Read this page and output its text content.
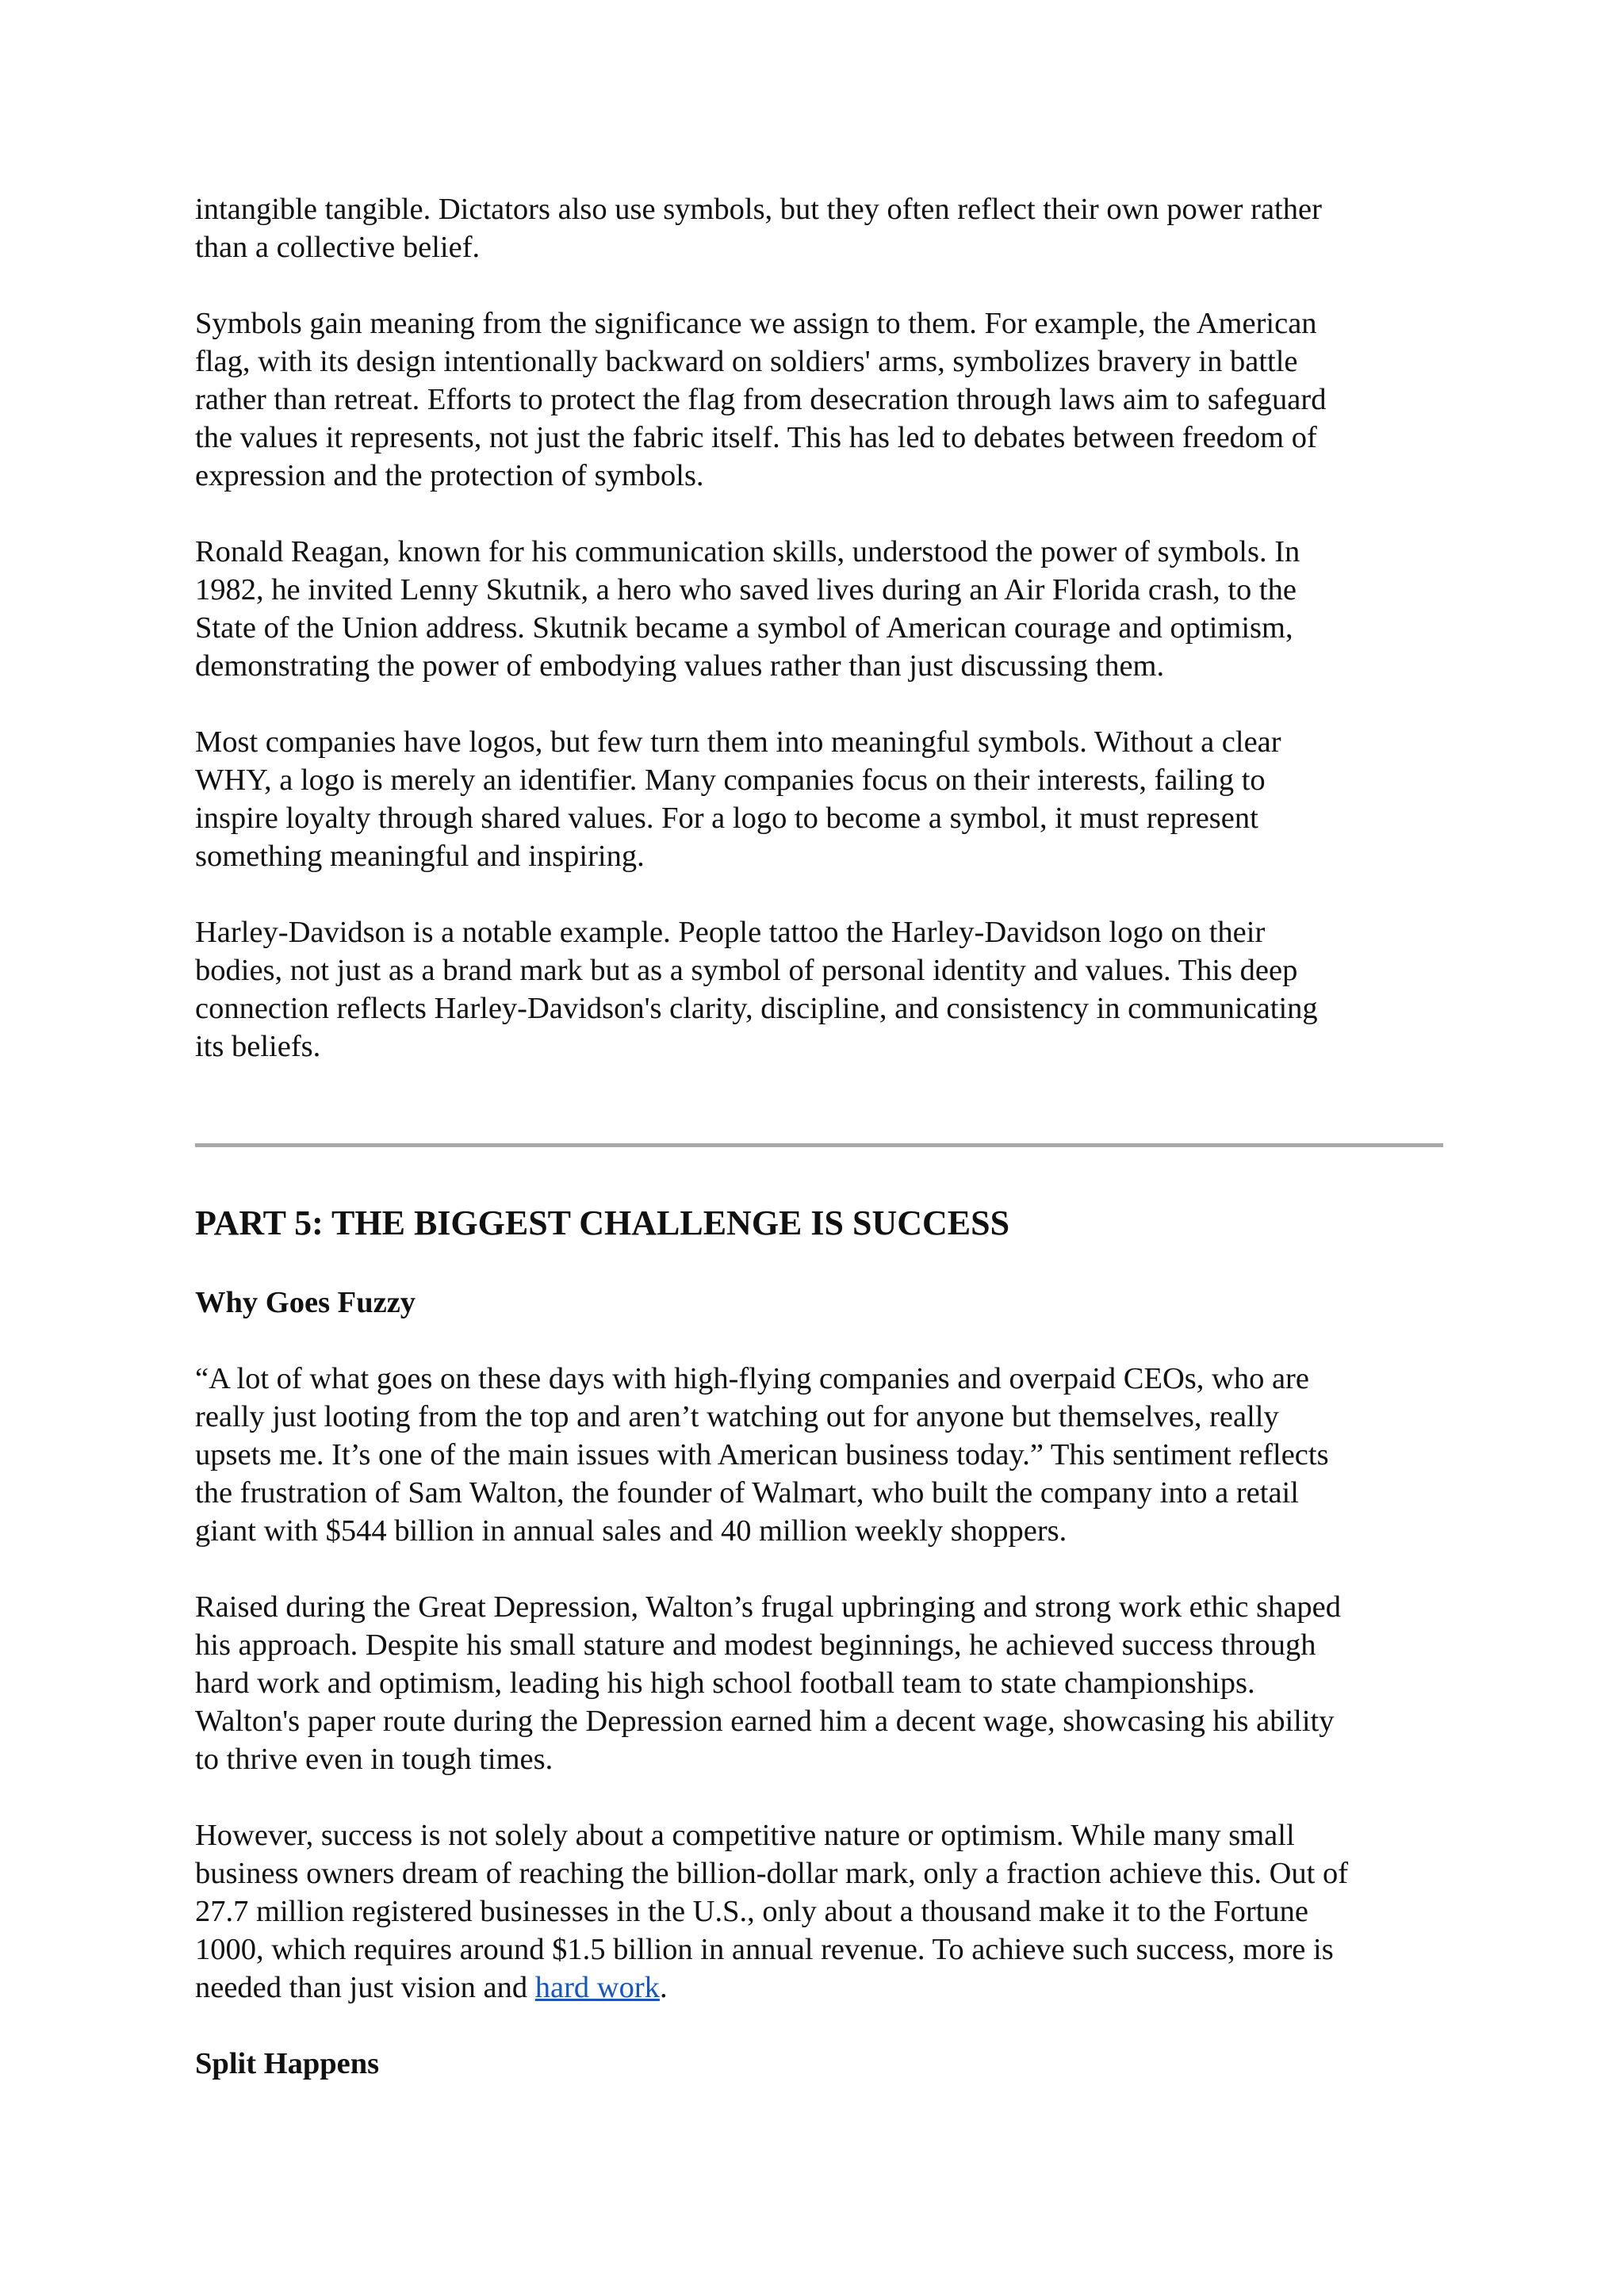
intangible tangible. Dictators also use symbols, but they often reflect their own power rather
than a collective belief.

Symbols gain meaning from the significance we assign to them. For example, the American
flag, with its design intentionally backward on soldiers' arms, symbolizes bravery in battle
rather than retreat. Efforts to protect the flag from desecration through laws aim to safeguard
the values it represents, not just the fabric itself. This has led to debates between freedom of
expression and the protection of symbols.

Ronald Reagan, known for his communication skills, understood the power of symbols. In
1982, he invited Lenny Skutnik, a hero who saved lives during an Air Florida crash, to the
State of the Union address. Skutnik became a symbol of American courage and optimism,
demonstrating the power of embodying values rather than just discussing them.

Most companies have logos, but few turn them into meaningful symbols. Without a clear
WHY, a logo is merely an identifier. Many companies focus on their interests, failing to
inspire loyalty through shared values. For a logo to become a symbol, it must represent
something meaningful and inspiring.

Harley-Davidson is a notable example. People tattoo the Harley-Davidson logo on their
bodies, not just as a brand mark but as a symbol of personal identity and values. This deep
connection reflects Harley-Davidson's clarity, discipline, and consistency in communicating
its beliefs.

PART 5: THE BIGGEST CHALLENGE IS SUCCESS
Why Goes Fuzzy

“A lot of what goes on these days with high-flying companies and overpaid CEOs, who are
really just looting from the top and aren’t watching out for anyone but themselves, really
upsets me. It’s one of the main issues with American business today.” This sentiment reflects
the frustration of Sam Walton, the founder of Walmart, who built the company into a retail
giant with $544 billion in annual sales and 40 million weekly shoppers.

Raised during the Great Depression, Walton’s frugal upbringing and strong work ethic shaped
his approach. Despite his small stature and modest beginnings, he achieved success through
hard work and optimism, leading his high school football team to state championships.
Walton's paper route during the Depression earned him a decent wage, showcasing his ability
to thrive even in tough times.

However, success is not solely about a competitive nature or optimism. While many small
business owners dream of reaching the billion-dollar mark, only a fraction achieve this. Out of
27.7 million registered businesses in the U.S., only about a thousand make it to the Fortune
1000, which requires around $1.5 billion in annual revenue. To achieve such success, more is
needed than just vision and hard work.

Split Happens
